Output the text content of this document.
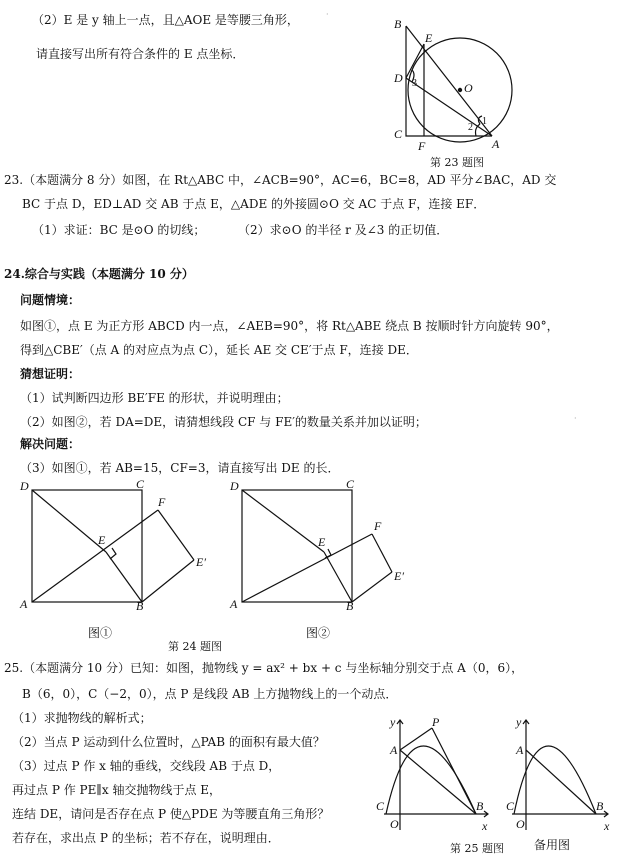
（2）E 是 y 轴上一点，且△AOE 是等腰三角形，
请直接写出所有符合条件的 E 点坐标．
·
B
E
D
O
C
F	A
1
2
3
第 23 题图
23.（本题满分 8 分）如图，在 Rt△ABC 中，∠ACB=90°，AC=6，BC=8，AD 平分∠BAC，AD 交
BC 于点 D，ED⊥AD 交 AB 于点 E，△ADE 的外接圆⊙O 交 AC 于点 F，连接 EF．
（1）求证：BC 是⊙O 的切线；	（2）求⊙O 的半径 r 及∠3 的正切值．
24.综合与实践（本题满分 10 分）
问题情境：
如图①，点 E 为正方形 ABCD 内一点，∠AEB=90°，将 Rt△ABE 绕点 B 按顺时针方向旋转 90°，
得到△CBE′（点 A 的对应点为点 C），延长 AE 交 CE′于点 F，连接 DE．
猜想证明：
（1）试判断四边形 BE′FE 的形状，并说明理由；
（2）如图②，若 DA=DE，请猜想线段 CF 与 FE′的数量关系并加以证明；	·
解决问题：
（3）如图①，若 AB=15，CF=3，请直接写出 DE 的长．
D	C
E
F
E′
A	B
图①
第 24 题图
D	C
E
F
E′
A	B
图②
25.（本题满分 10 分）已知：如图，抛物线 y = ax² + bx + c 与坐标轴分别交于点 A（0，6），
B（6，0），C（−2，0），点 P 是线段 AB 上方抛物线上的一个动点．
（1）求抛物线的解析式；
（2）当点 P 运动到什么位置时，△PAB 的面积有最大值？
（3）过点 P 作 x 轴的垂线，交线段 AB 于点 D，
再过点 P 作 PE∥x 轴交抛物线于点 E，
连结 DE，请问是否存在点 P 使△PDE 为等腰直角三角形？
若存在，求出点 P 的坐标；若不存在，说明理由．
y	P
A
C
O
B
x
y
A
C
O
B
x
第 25 题图	备用图
